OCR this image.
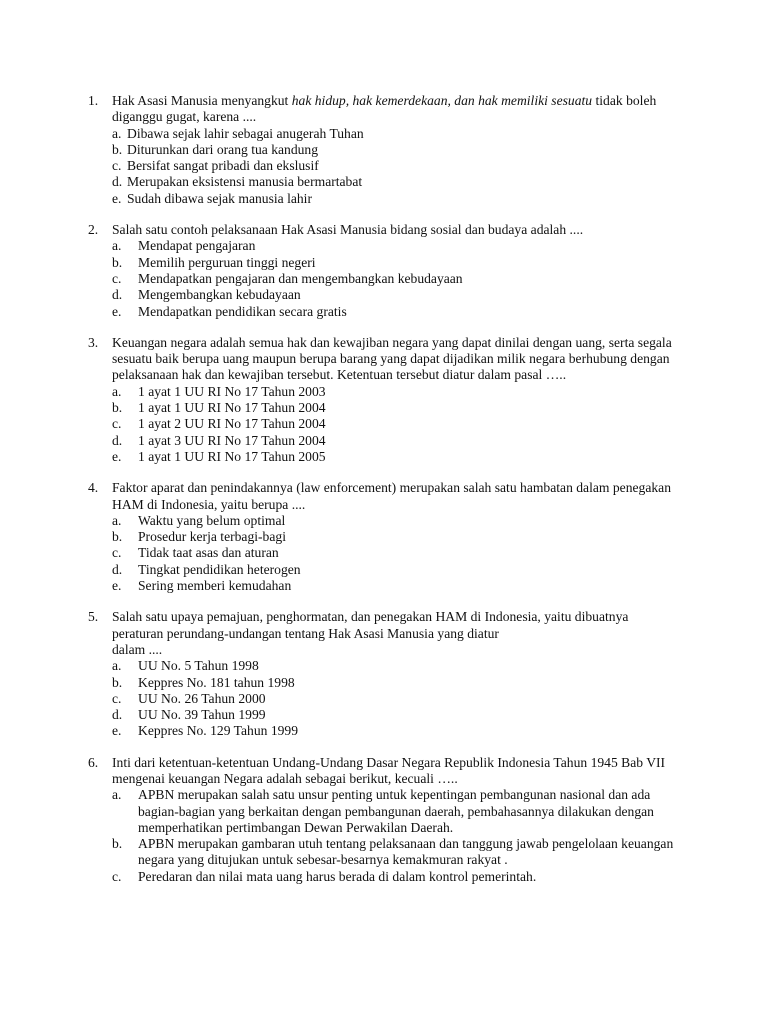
1.	Hak Asasi Manusia menyangkut hak hidup, hak kemerdekaan, dan hak memiliki sesuatu tidak boleh diganggu gugat, karena ....

a. Dibawa sejak lahir sebagai anugerah Tuhan
b. Diturunkan dari orang tua kandung
c. Bersifat sangat pribadi dan ekslusif
d. Merupakan eksistensi manusia bermartabat
e. Sudah dibawa sejak manusia lahir
2.	Salah satu contoh pelaksanaan Hak Asasi Manusia bidang sosial dan budaya adalah ....

a.	Mendapat pengajaran
b.	Memilih perguruan tinggi negeri
c.	Mendapatkan pengajaran dan mengembangkan kebudayaan
d.	Mengembangkan kebudayaan
e.	Mendapatkan pendidikan secara gratis
3.	Keuangan negara adalah semua hak dan kewajiban negara yang dapat dinilai dengan uang, serta segala sesuatu baik berupa uang maupun berupa barang yang dapat dijadikan milik negara berhubung dengan pelaksanaan hak dan kewajiban tersebut. Ketentuan tersebut diatur dalam pasal …..

a.	1 ayat 1 UU RI No 17 Tahun 2003
b.	1 ayat 1 UU RI No 17 Tahun 2004
c.	1 ayat 2 UU RI No 17 Tahun 2004
d.	1 ayat 3 UU RI No 17 Tahun 2004
e.	1 ayat 1 UU RI No 17 Tahun 2005
4.	Faktor aparat dan penindakannya (law enforcement) merupakan salah satu hambatan dalam penegakan HAM di Indonesia, yaitu berupa ....

a.	Waktu yang belum optimal
b.	Prosedur kerja terbagi-bagi
c.	Tidak taat asas dan aturan
d.	Tingkat pendidikan heterogen
e.	Sering memberi kemudahan
5.	Salah satu upaya pemajuan, penghormatan, dan penegakan HAM di Indonesia, yaitu dibuatnya
peraturan perundang-undangan tentang Hak Asasi Manusia yang diatur
dalam ....
a.	UU No. 5 Tahun 1998
b.	Keppres No. 181 tahun 1998
c.	UU No. 26 Tahun 2000
d.	UU No. 39 Tahun 1999
e.	Keppres No. 129 Tahun 1999
6.	Inti dari ketentuan-ketentuan Undang-Undang Dasar Negara Republik Indonesia Tahun 1945 Bab VII mengenai keuangan Negara adalah sebagai berikut, kecuali …..

a.	APBN merupakan salah satu unsur penting untuk kepentingan pembangunan nasional dan ada bagian-bagian yang berkaitan dengan pembangunan daerah, pembahasannya dilakukan dengan memperhatikan pertimbangan Dewan Perwakilan Daerah.
b.	APBN merupakan gambaran utuh tentang pelaksanaan dan tanggung jawab pengelolaan keuangan negara yang ditujukan untuk sebesar-besarnya kemakmuran rakyat .
c.	Peredaran dan nilai mata uang harus berada di dalam kontrol pemerintah.
